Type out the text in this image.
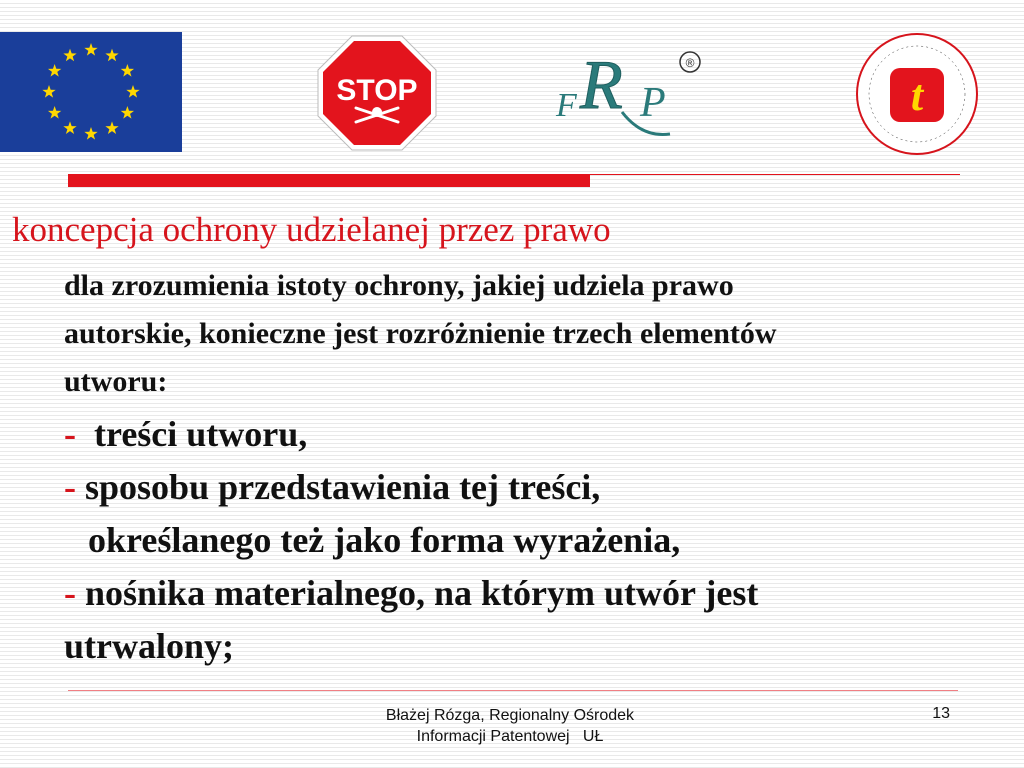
STOP	F R P
®
t
koncepcja ochrony udzielanej przez prawo
dla zrozumienia istoty ochrony, jakiej udziela prawo
autorskie, konieczne jest rozróżnienie trzech elementów
utworu:
-  treści utworu,
- sposobu przedstawienia tej treści,
określanego też jako forma wyrażenia,
- nośnika materialnego, na którym utwór jest
utrwalony;
Błażej Rózga, Regionalny Ośrodek
Informacji Patentowej   UŁ
13
